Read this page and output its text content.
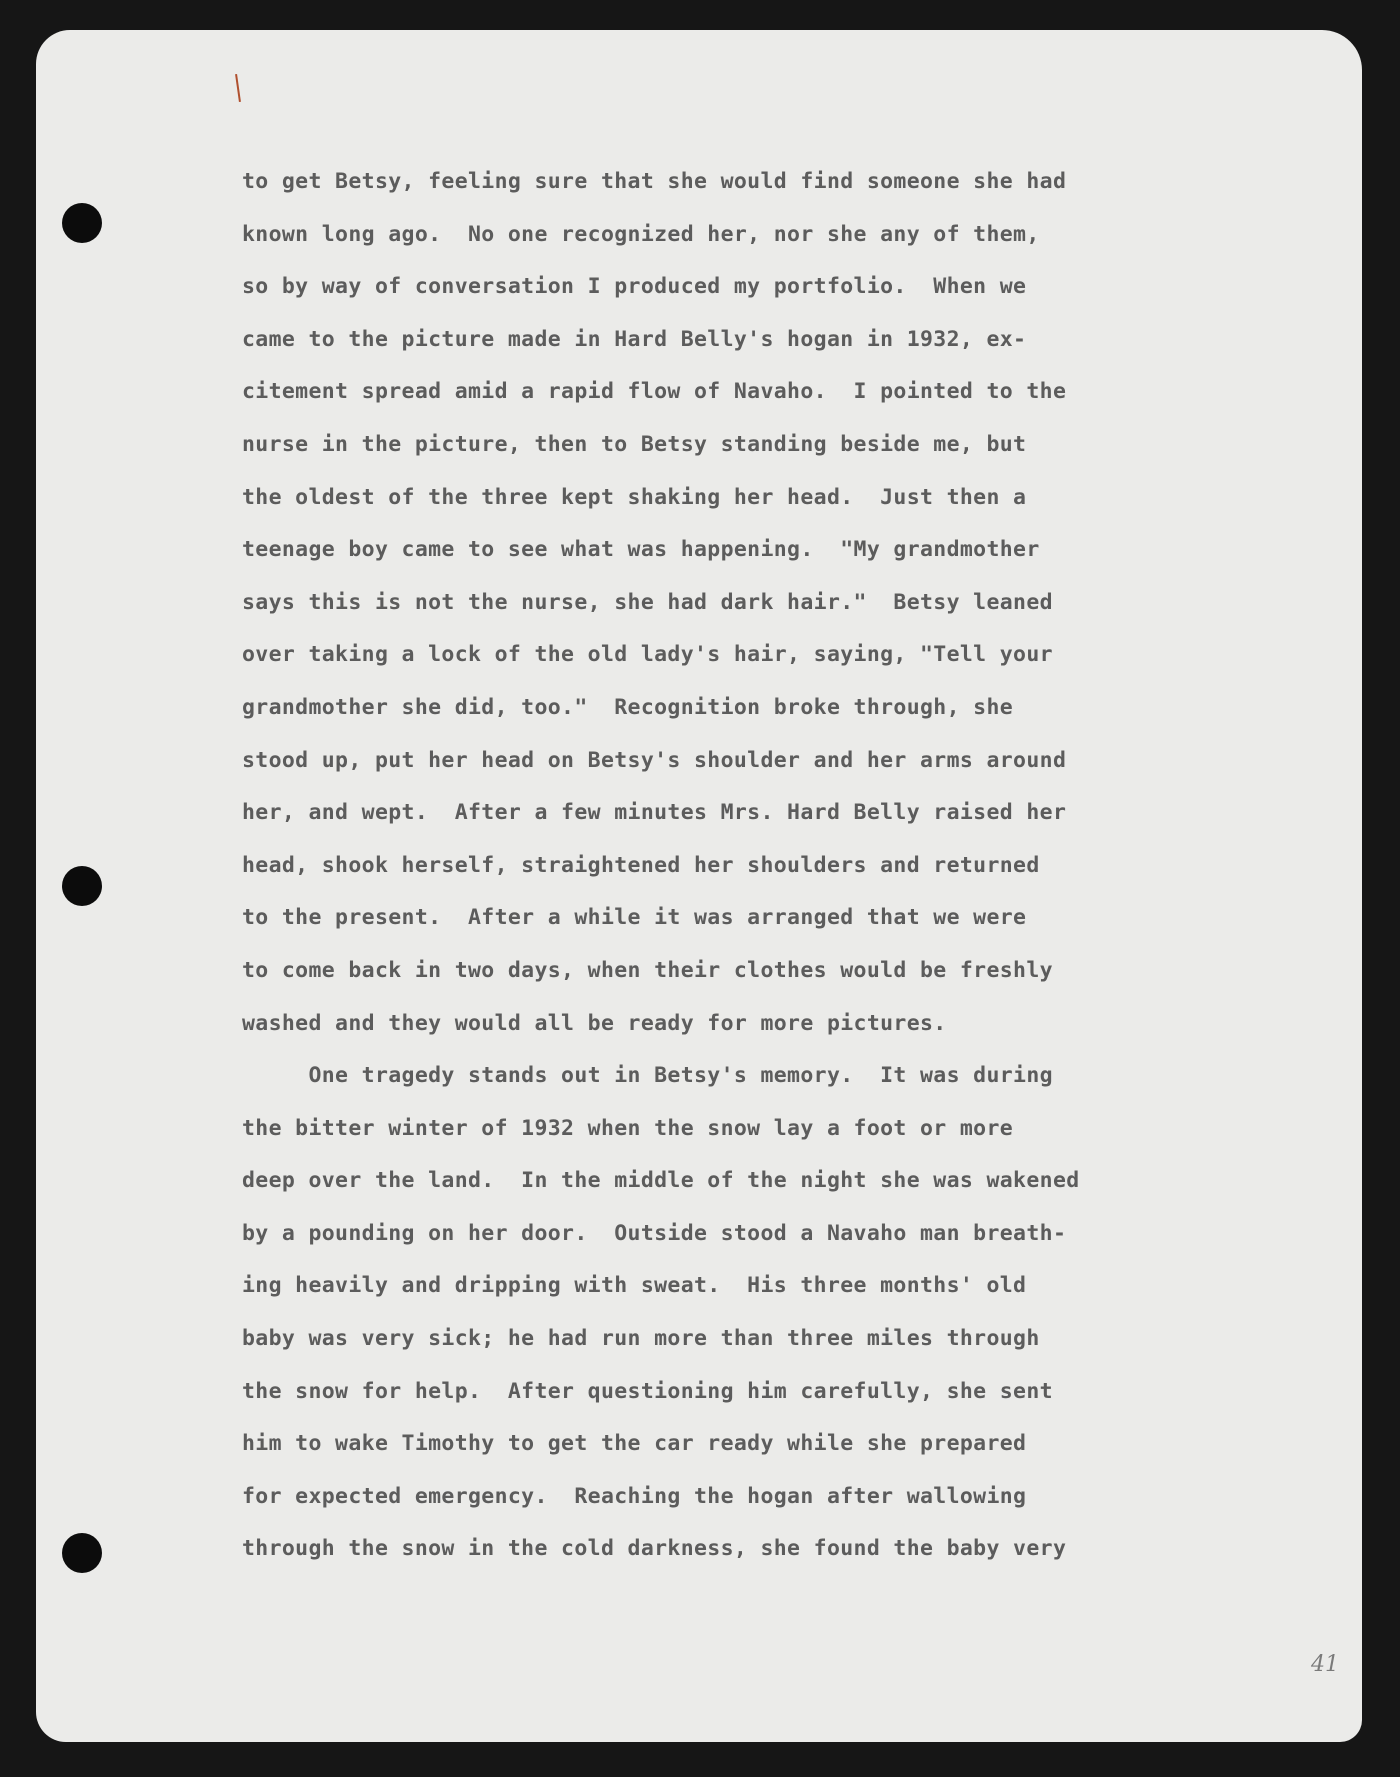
to get Betsy, feeling sure that she would find someone she had
known long ago.  No one recognized her, nor she any of them,
so by way of conversation I produced my portfolio.  When we
came to the picture made in Hard Belly's hogan in 1932, ex-
citement spread amid a rapid flow of Navaho.  I pointed to the
nurse in the picture, then to Betsy standing beside me, but
the oldest of the three kept shaking her head.  Just then a
teenage boy came to see what was happening.  "My grandmother
says this is not the nurse, she had dark hair."  Betsy leaned
over taking a lock of the old lady's hair, saying, "Tell your
grandmother she did, too."  Recognition broke through, she
stood up, put her head on Betsy's shoulder and her arms around
her, and wept.  After a few minutes Mrs. Hard Belly raised her
head, shook herself, straightened her shoulders and returned
to the present.  After a while it was arranged that we were
to come back in two days, when their clothes would be freshly
washed and they would all be ready for more pictures.
One tragedy stands out in Betsy's memory.  It was during
the bitter winter of 1932 when the snow lay a foot or more
deep over the land.  In the middle of the night she was wakened
by a pounding on her door.  Outside stood a Navaho man breath-
ing heavily and dripping with sweat.  His three months' old
baby was very sick; he had run more than three miles through
the snow for help.  After questioning him carefully, she sent
him to wake Timothy to get the car ready while she prepared
for expected emergency.  Reaching the hogan after wallowing
through the snow in the cold darkness, she found the baby very
41
